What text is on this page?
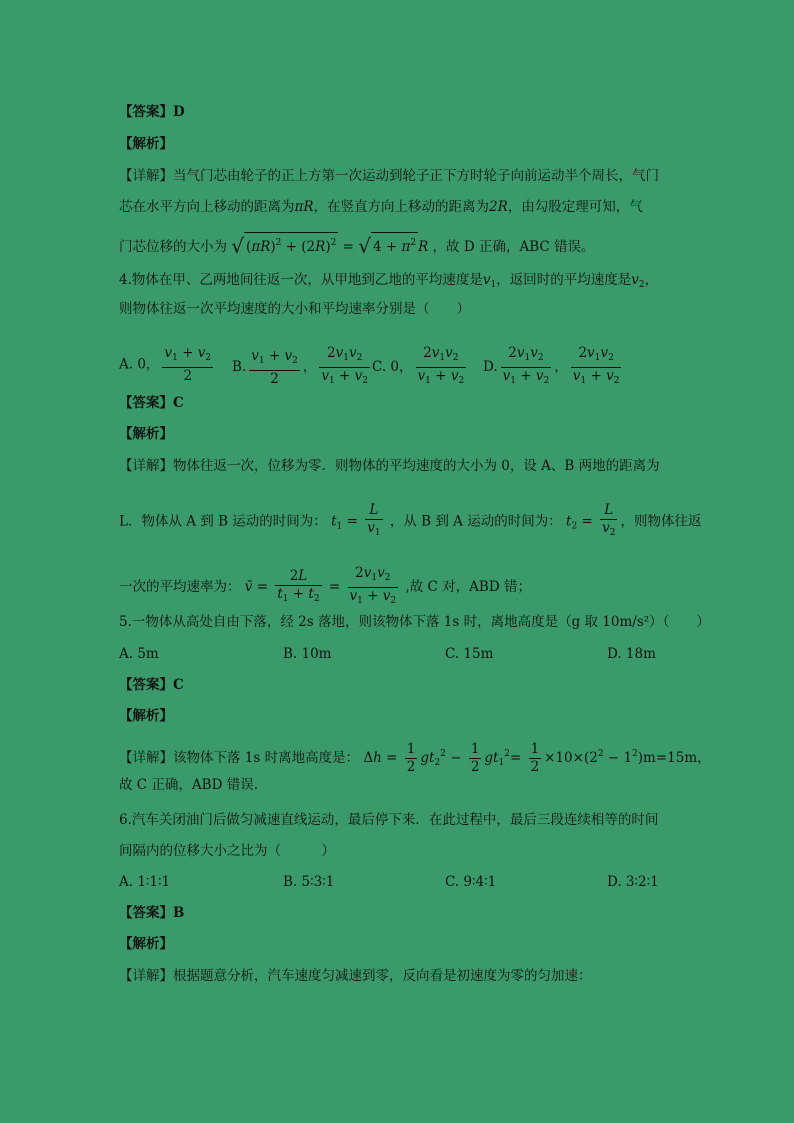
【答案】D
【解析】
【详解】当气门芯由轮子的正上方第一次运动到轮子正下方时轮子向前运动半个周长，气门
芯在水平方向上移动的距离为πR，在竖直方向上移动的距离为2R，由勾股定理可知，气
门芯位移的大小为 √ $(\pi R)^2 + (2R)^2$ = √ $4 + \pi^2$ R ，故 D 正确，ABC 错误。
4.物体在甲、乙两地间往返一次，从甲地到乙地的平均速度是$v_1$，返回时的平均速度是$v_2$，
则物体往返一次平均速度的大小和平均速率分别是（　　）
A. 0， $\frac{v_1 + v_2}{2} B$. $\frac{v_1 + v_2}{2}$ ， $\frac{2v_1v_2}{v_1 + v_2} C$. 0， $\frac{2v_1v_2}{v_1 + v_2} D$. $\frac{2v_1v_2}{v_1 + v_2}$ ， $\frac{2v_1v_2}{v_1 + v_2}$
【答案】C
【解析】
【详解】物体往返一次，位移为零．则物体的平均速度的大小为 0，设 A、B 两地的距离为
L．物体从 A 到 B 运动的时间为： $t_1 = \frac{L}{v_1}$ ，从 B 到 A 运动的时间为： $t_2 = \frac{L}{v_2}$ ，则物体往返
一次的平均速率为： v̄ = $\frac{2L}{t_1 + t_2} = \frac{2v_1v_2}{v_1 + v_2}$ ,故 C 对，ABD 错；
5.一物体从高处自由下落，经 2s 落地，则该物体下落 1s 时，离地高度是（g 取 10m/s²）（　　）
A. 5m	B. 10m	C. 15m	D. 18m
【答案】C
【解析】
【详解】该物体下落 1s 时离地高度是： $\Delta h = \frac{1}{2} gt_2^2 - \frac{1}{2} gt_1^2= \frac{1}{2} \times 10\times(2^2 - 1^2)m=15m$，
故 C 正确，ABD 错误.
6.汽车关闭油门后做匀减速直线运动，最后停下来．在此过程中，最后三段连续相等的时间
间隔内的位移大小之比为（　　　）
A. 1∶1∶1	B. 5∶3∶1	C. 9∶4∶1	D. 3∶2∶1
【答案】B
【解析】
【详解】根据题意分析，汽车速度匀减速到零，反向看是初速度为零的匀加速：
